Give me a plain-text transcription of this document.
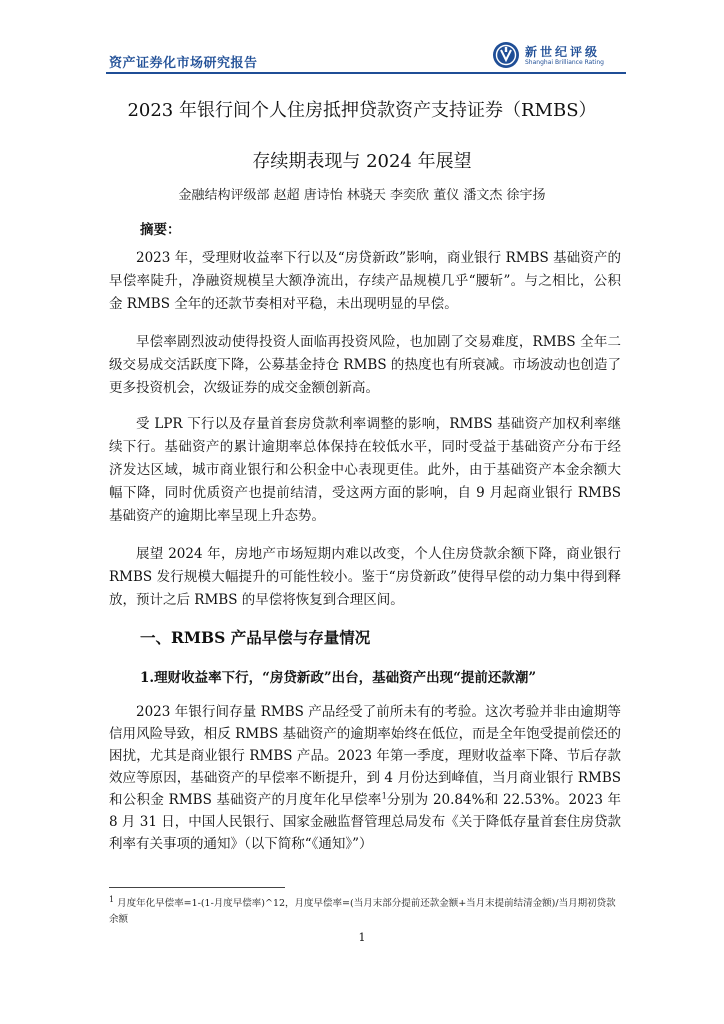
资产证券化市场研究报告
新世纪评级
Shanghai Brilliance Rating
2023 年银行间个人住房抵押贷款资产支持证券（RMBS）
存续期表现与 2024 年展望
金融结构评级部 赵超 唐诗怡 林骁天 李奕欣 董仪 潘文杰 徐宇扬
摘要：

2023 年，受理财收益率下行以及“房贷新政”影响，商业银行 RMBS 基础资产的早偿率陡升，净融资规模呈大额净流出，存续产品规模几乎“腰斩”。与之相比，公积金 RMBS 全年的还款节奏相对平稳，未出现明显的早偿。

早偿率剧烈波动使得投资人面临再投资风险，也加剧了交易难度，RMBS 全年二级交易成交活跃度下降，公募基金持仓 RMBS 的热度也有所衰减。市场波动也创造了更多投资机会，次级证券的成交金额创新高。

受 LPR 下行以及存量首套房贷款利率调整的影响，RMBS 基础资产加权利率继续下行。基础资产的累计逾期率总体保持在较低水平，同时受益于基础资产分布于经济发达区域，城市商业银行和公积金中心表现更佳。此外，由于基础资产本金余额大幅下降，同时优质资产也提前结清，受这两方面的影响，自 9 月起商业银行 RMBS 基础资产的逾期比率呈现上升态势。

展望 2024 年，房地产市场短期内难以改变，个人住房贷款余额下降，商业银行 RMBS 发行规模大幅提升的可能性较小。鉴于“房贷新政”使得早偿的动力集中得到释放，预计之后 RMBS 的早偿将恢复到合理区间。

一、RMBS 产品早偿与存量情况
1.理财收益率下行，“房贷新政”出台，基础资产出现“提前还款潮”

2023 年银行间存量 RMBS 产品经受了前所未有的考验。这次考验并非由逾期等信用风险导致，相反 RMBS 基础资产的逾期率始终在低位，而是全年饱受提前偿还的困扰，尤其是商业银行 RMBS 产品。2023 年第一季度，理财收益率下降、节后存款效应等原因，基础资产的早偿率不断提升，到 4 月份达到峰值，当月商业银行 RMBS 和公积金 RMBS 基础资产的月度年化早偿率$^1$分别为 20.84%和 22.53%。2023 年 8 月 31 日，中国人民银行、国家金融监督管理总局发布《关于降低存量首套住房贷款利率有关事项的通知》（以下简称“《通知》”）

$^1$ 月度年化早偿率=1-(1-月度早偿率)^12，月度早偿率=(当月末部分提前还款金额+当月末提前结清金额)/当月期初贷款余额
1
